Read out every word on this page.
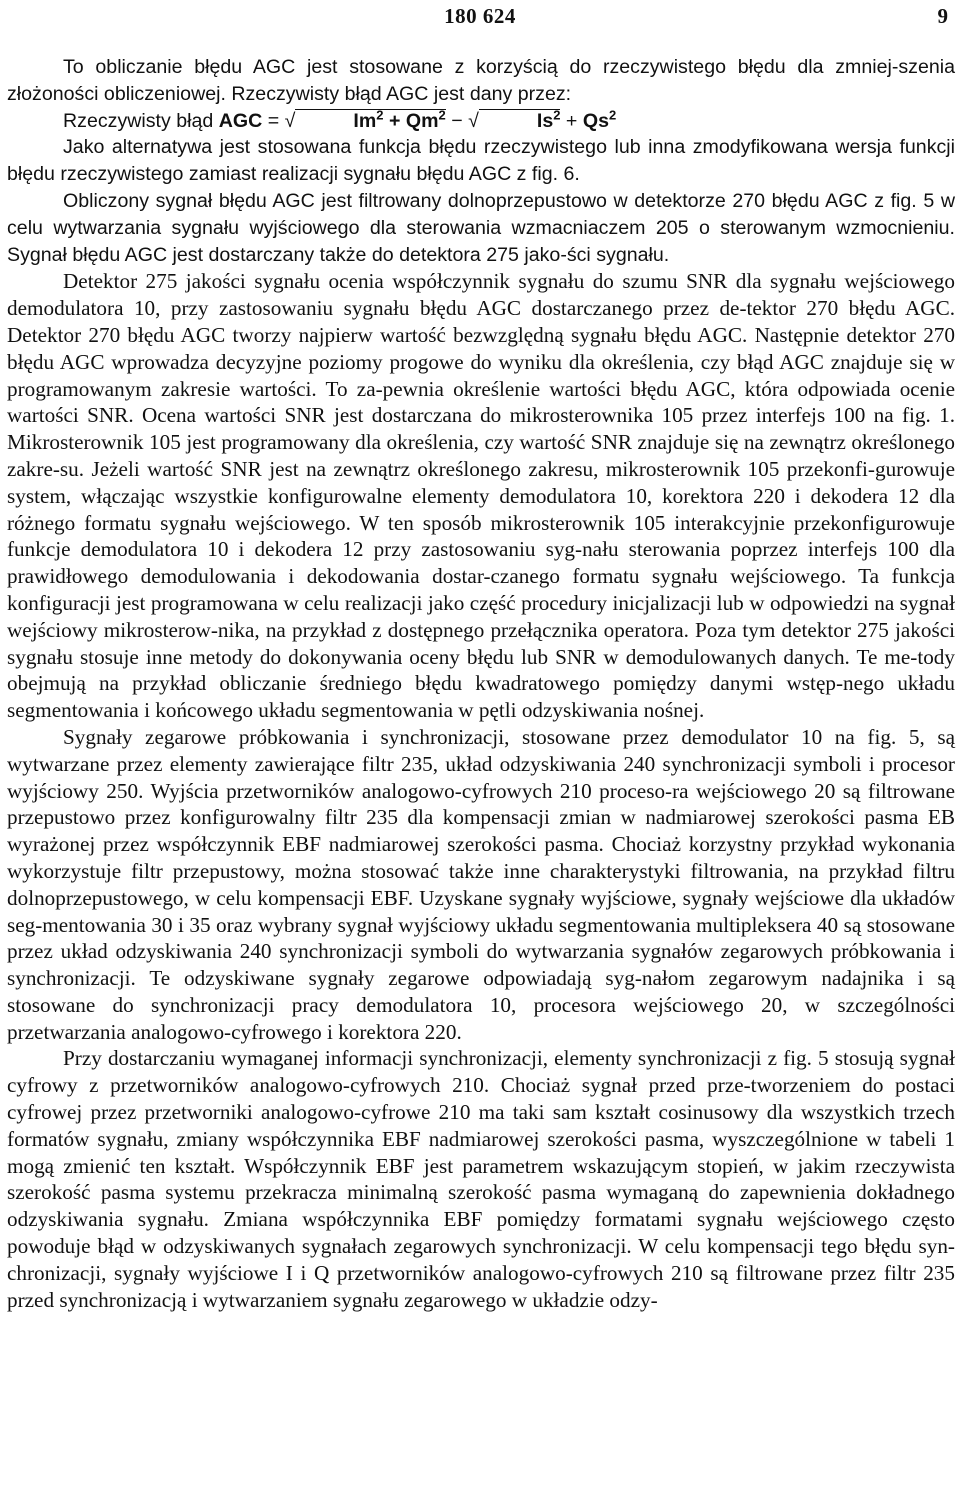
180 624	9

To obliczanie błędu AGC jest stosowane z korzyścią do rzeczywistego błędu dla zmniej-szenia złożoności obliczeniowej. Rzeczywisty błąd AGC jest dany przez:

Rzeczywisty błąd AGC = √	$Im^2 + Qm^2$ − √	$Is^2 + Qs^2$

Jako alternatywa jest stosowana funkcja błędu rzeczywistego lub inna zmodyfikowana wersja funkcji błędu rzeczywistego zamiast realizacji sygnału błędu AGC z fig. 6.

Obliczony sygnał błędu AGC jest filtrowany dolnoprzepustowo w detektorze 270 błędu AGC z fig. 5 w celu wytwarzania sygnału wyjściowego dla sterowania wzmacniaczem 205 o sterowanym wzmocnieniu. Sygnał błędu AGC jest dostarczany także do detektora 275 jako-ści sygnału.

Detektor 275 jakości sygnału ocenia współczynnik sygnału do szumu SNR dla sygnału wejściowego demodulatora 10, przy zastosowaniu sygnału błędu AGC dostarczanego przez de-tektor 270 błędu AGC. Detektor 270 błędu AGC tworzy najpierw wartość bezwzględną sygnału błędu AGC. Następnie detektor 270 błędu AGC wprowadza decyzyjne poziomy progowe do wyniku dla określenia, czy błąd AGC znajduje się w programowanym zakresie wartości. To za-pewnia określenie wartości błędu AGC, która odpowiada ocenie wartości SNR. Ocena wartości SNR jest dostarczana do mikrosterownika 105 przez interfejs 100 na fig. 1. Mikrosterownik 105 jest programowany dla określenia, czy wartość SNR znajduje się na zewnątrz określonego zakre-su. Jeżeli wartość SNR jest na zewnątrz określonego zakresu, mikrosterownik 105 przekonfi-gurowuje system, włączając wszystkie konfigurowalne elementy demodulatora 10, korektora 220 i dekodera 12 dla różnego formatu sygnału wejściowego. W ten sposób mikrosterownik 105 interakcyjnie przekonfigurowuje funkcje demodulatora 10 i dekodera 12 przy zastosowaniu syg-nału sterowania poprzez interfejs 100 dla prawidłowego demodulowania i dekodowania dostar-czanego formatu sygnału wejściowego. Ta funkcja konfiguracji jest programowana w celu realizacji jako część procedury inicjalizacji lub w odpowiedzi na sygnał wejściowy mikrosterow-nika, na przykład z dostępnego przełącznika operatora. Poza tym detektor 275 jakości sygnału stosuje inne metody do dokonywania oceny błędu lub SNR w demodulowanych danych. Te me-tody obejmują na przykład obliczanie średniego błędu kwadratowego pomiędzy danymi wstęp-nego układu segmentowania i końcowego układu segmentowania w pętli odzyskiwania nośnej.

Sygnały zegarowe próbkowania i synchronizacji, stosowane przez demodulator 10 na fig. 5, są wytwarzane przez elementy zawierające filtr 235, układ odzyskiwania 240 synchronizacji symboli i procesor wyjściowy 250. Wyjścia przetworników analogowo-cyfrowych 210 proceso-ra wejściowego 20 są filtrowane przepustowo przez konfigurowalny filtr 235 dla kompensacji zmian w nadmiarowej szerokości pasma EB wyrażonej przez współczynnik EBF nadmiarowej szerokości pasma. Chociaż korzystny przykład wykonania wykorzystuje filtr przepustowy, można stosować także inne charakterystyki filtrowania, na przykład filtru dolnoprzepustowego, w celu kompensacji EBF. Uzyskane sygnały wyjściowe, sygnały wejściowe dla układów seg-mentowania 30 i 35 oraz wybrany sygnał wyjściowy układu segmentowania multipleksera 40 są stosowane przez układ odzyskiwania 240 synchronizacji symboli do wytwarzania sygnałów zegarowych próbkowania i synchronizacji. Te odzyskiwane sygnały zegarowe odpowiadają syg-nałom zegarowym nadajnika i są stosowane do synchronizacji pracy demodulatora 10, procesora wejściowego 20, w szczególności przetwarzania analogowo-cyfrowego i korektora 220.

Przy dostarczaniu wymaganej informacji synchronizacji, elementy synchronizacji z fig. 5 stosują sygnał cyfrowy z przetworników analogowo-cyfrowych 210. Chociaż sygnał przed prze-tworzeniem do postaci cyfrowej przez przetworniki analogowo-cyfrowe 210 ma taki sam kształt cosinusowy dla wszystkich trzech formatów sygnału, zmiany współczynnika EBF nadmiarowej szerokości pasma, wyszczególnione w tabeli 1 mogą zmienić ten kształt. Współczynnik EBF jest parametrem wskazującym stopień, w jakim rzeczywista szerokość pasma systemu przekracza minimalną szerokość pasma wymaganą do zapewnienia dokładnego odzyskiwania sygnału. Zmiana współczynnika EBF pomiędzy formatami sygnału wejściowego często powoduje błąd w odzyskiwanych sygnałach zegarowych synchronizacji. W celu kompensacji tego błędu syn-chronizacji, sygnały wyjściowe I i Q przetworników analogowo-cyfrowych 210 są filtrowane przez filtr 235 przed synchronizacją i wytwarzaniem sygnału zegarowego w układzie odzy-
